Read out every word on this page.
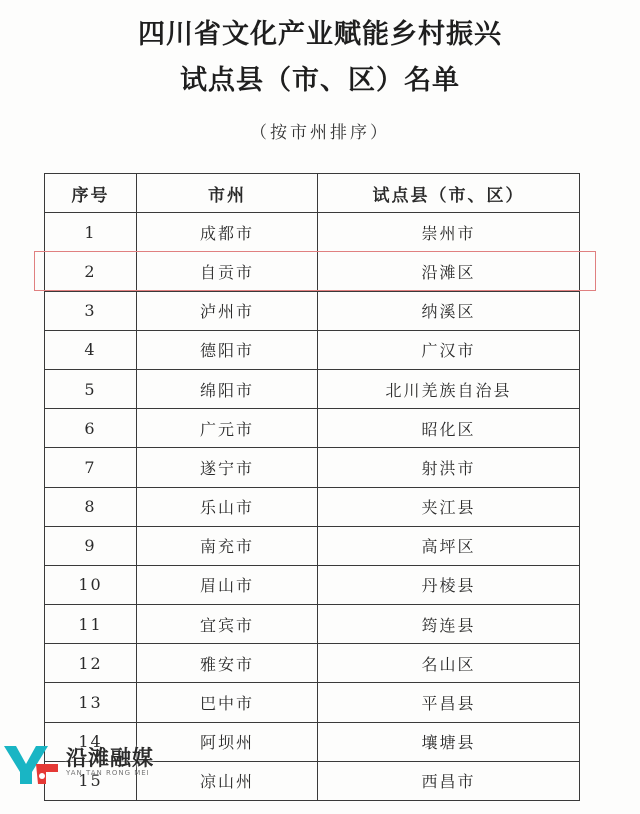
四川省文化产业赋能乡村振兴
试点县（市、区）名单
（按市州排序）
序号	市州	试点县（市、区）
1	成都市	崇州市
2	自贡市	沿滩区
3	泸州市	纳溪区
4	德阳市	广汉市
5	绵阳市	北川羌族自治县
6	广元市	昭化区
7	遂宁市	射洪市
8	乐山市	夹江县
9	南充市	高坪区
10	眉山市	丹棱县
11	宜宾市	筠连县
12	雅安市	名山区
13	巴中市	平昌县
14	阿坝州	壤塘县
15	凉山州	西昌市
沿滩融媒
YAN TAN RONG MEI
